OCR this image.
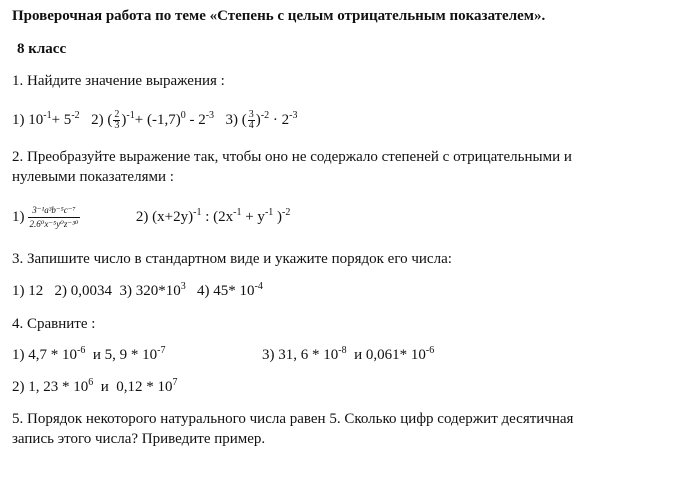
Проверочная работа по теме «Степень с целым отрицательным показателем».
8 класс
1. Найдите значение выражения :
1) $10^{-1}+ 5^{-2}$ 2) ( $\frac{2}{3} )^{-1}+ (-1,7)^0 - 2^{-3}$ 3) ( $\frac{3}{4} )^{-2} \cdot 2^{-3}$
2. Преобразуйте выражение так, чтобы оно не содержало степеней с отрицательными и
нулевыми показателями :
$1) \frac{\text{3⁻¹a³b⁻⁵c⁻⁷}}{\text{2.6⁰x⁻⁵y⁰z⁻³⁰}}$	2) $(x+2y)^{-1}$ : ($2x^{-1} + y^{-1}$ )$^{-2}$
3. Запишите число в стандартном виде и укажите порядок его числа:
1) 12   2) 0,0034  3) $320*10^3$   4) 45* $10^{-4}$
4. Сравните :
1) $4,7 * 10^{-6}$  и 5, $9 * 10^{-7}$	3) 31, $6 * 10^{-8}$  и 0,061* $10^{-6}$
2) 1, $23 * 10^6$  и  $0,12 * 10^7$
5. Порядок некоторого натурального числа равен 5. Сколько цифр содержит десятичная
запись этого числа? Приведите пример.
